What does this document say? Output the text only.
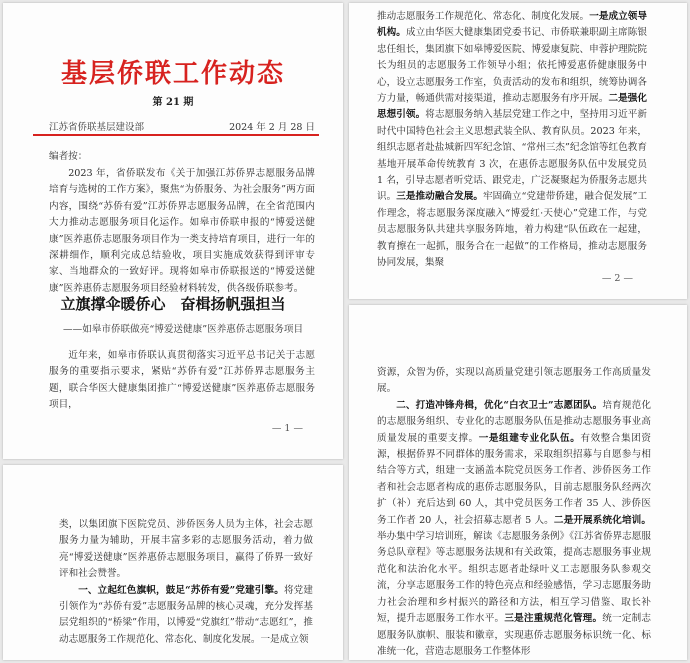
基层侨联工作动态
第 21 期
江苏省侨联基层建设部	2024 年 2 月 28 日
编者按：

2023 年，省侨联发布《关于加强江苏侨界志愿服务品牌培育与选树的工作方案》，聚焦“为侨服务、为社会服务”两方面内容，围绕“苏侨有爱”江苏侨界志愿服务品牌，在全省范围内大力推动志愿服务项目化运作。如皋市侨联申报的“博爱送健康”医养惠侨志愿服务项目作为一类支持培育项目，进行一年的深耕细作，顺利完成总结验收，项目实施成效获得到评审专家、当地群众的一致好评。现将如皋市侨联报送的“博爱送健康”医养惠侨志愿服务项目经验材料转发，供各级侨联参考。

立旗撑伞暖侨心　奋楫扬帆强担当
——如皋市侨联做亮“博爱送健康”医养惠侨志愿服务项目

近年来，如皋市侨联认真贯彻落实习近平总书记关于志愿服务的重要指示要求，紧贴“苏侨有爱”江苏侨界志愿服务主题，联合华医大健康集团推广“博爱送健康”医养惠侨志愿服务项目，

— 1 —

推动志愿服务工作规范化、常态化、制度化发展。一是成立领导机构。成立由华医大健康集团党委书记、市侨联兼职副主席陈银忠任组长，集团旗下如皋博爱医院、博爱康复院、申蓉护理院院长为组员的志愿服务工作领导小组；依托博爱惠侨健康服务中心，设立志愿服务工作室，负责活动的发布和组织，统筹协调各方力量，畅通供需对接渠道，推动志愿服务有序开展。二是强化思想引领。将志愿服务纳入基层党建工作之中，坚持用习近平新时代中国特色社会主义思想武装全队、教育队员。2023 年来，组织志愿者赴盐城新四军纪念馆、“常州三杰”纪念馆等红色教育基地开展革命传统教育 3 次，在惠侨志愿服务队伍中发展党员 1 名，引导志愿者听党话、跟党走，广泛凝聚起为侨服务志愿共识。三是推动融合发展。牢固确立“党建带侨建，融合促发展”工作理念，将志愿服务深度融入“博爱红·天使心”党建工作，与党员志愿服务队共建共享服务阵地，着力构建“队伍政在一起建，教育擦在一起抓，服务合在一起做”的工作格局，推动志愿服务协同发展，集聚

— 2 —

类，以集团旗下医院党员、涉侨医务人员为主体，社会志愿服务力量为辅助，开展丰富多彩的志愿服务活动，着力做亮“博爱送健康”医养惠侨志愿服务项目，赢得了侨界一致好评和社会赞誉。
一、立起红色旗帜，鼓足“苏侨有爱”党建引擎。将党建引领作为“苏侨有爱”志愿服务品牌的核心灵魂，充分发挥基层党组织的“桥梁”作用，以博爱“党旗红”带动“志愿红”，推动志愿服务工作规范化、常态化、制度化发展。一是成立领

资源，众智为侨，实现以高质量党建引领志愿服务工作高质量发展。
二、打造冲锋舟楫，优化“白衣卫士”志愿团队。培育规范化的志愿服务组织、专业化的志愿服务队伍是推动志愿服务事业高质量发展的重要支撑。一是组建专业化队伍。有效整合集团资源，根据侨界不同群体的服务需求，采取组织招募与自愿参与相结合等方式，组建一支涵盖本院党员医务工作者、涉侨医务工作者和社会志愿者构成的惠侨志愿服务队，目前志愿服务队经两次扩（补）充后达到 60 人，其中党员医务工作者 35 人、涉侨医务工作者 20 人，社会招募志愿者 5 人。二是开展系统化培训。举办集中学习培训班，解读《志愿服务条例》《江苏省侨界志愿服务总队章程》等志愿服务法规和有关政策，提高志愿服务事业规范化和法治化水平。组织志愿者赴绿叶义工志愿服务队参观交流，分享志愿服务工作的特色亮点和经验感悟，学习志愿服务助力社会治理和乡村振兴的路径和方法，相互学习借鉴、取长补短，提升志愿服务工作水平。三是注重规范化管理。统一定制志愿服务队旗帜、服装和徽章，实现惠侨志愿服务标识统一化、标准统一化，营造志愿服务工作整体形
